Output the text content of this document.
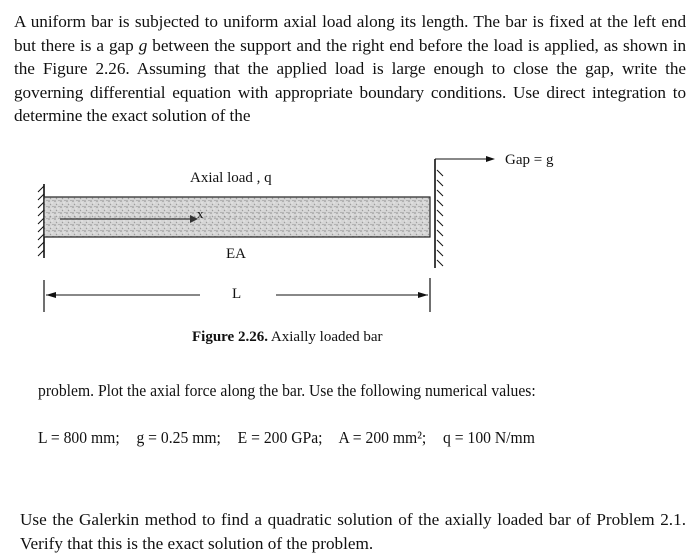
A uniform bar is subjected to uniform axial load along its length. The bar is fixed at the left end but there is a gap g between the support and the right end before the load is applied, as shown in the Figure 2.26. Assuming that the applied load is large enough to close the gap, write the governing differential equation with appropriate boundary conditions. Use direct integration to determine the exact solution of the
Gap = g
Axial load , q
x
EA
L
Figure 2.26. Axially loaded bar
problem. Plot the axial force along the bar. Use the following numerical values:
L = 800 mm; g = 0.25 mm; E = 200 GPa; A = 200 mm²; q = 100 N/mm
Use the Galerkin method to find a quadratic solution of the axially loaded bar of Problem 2.1. Verify that this is the exact solution of the problem.
